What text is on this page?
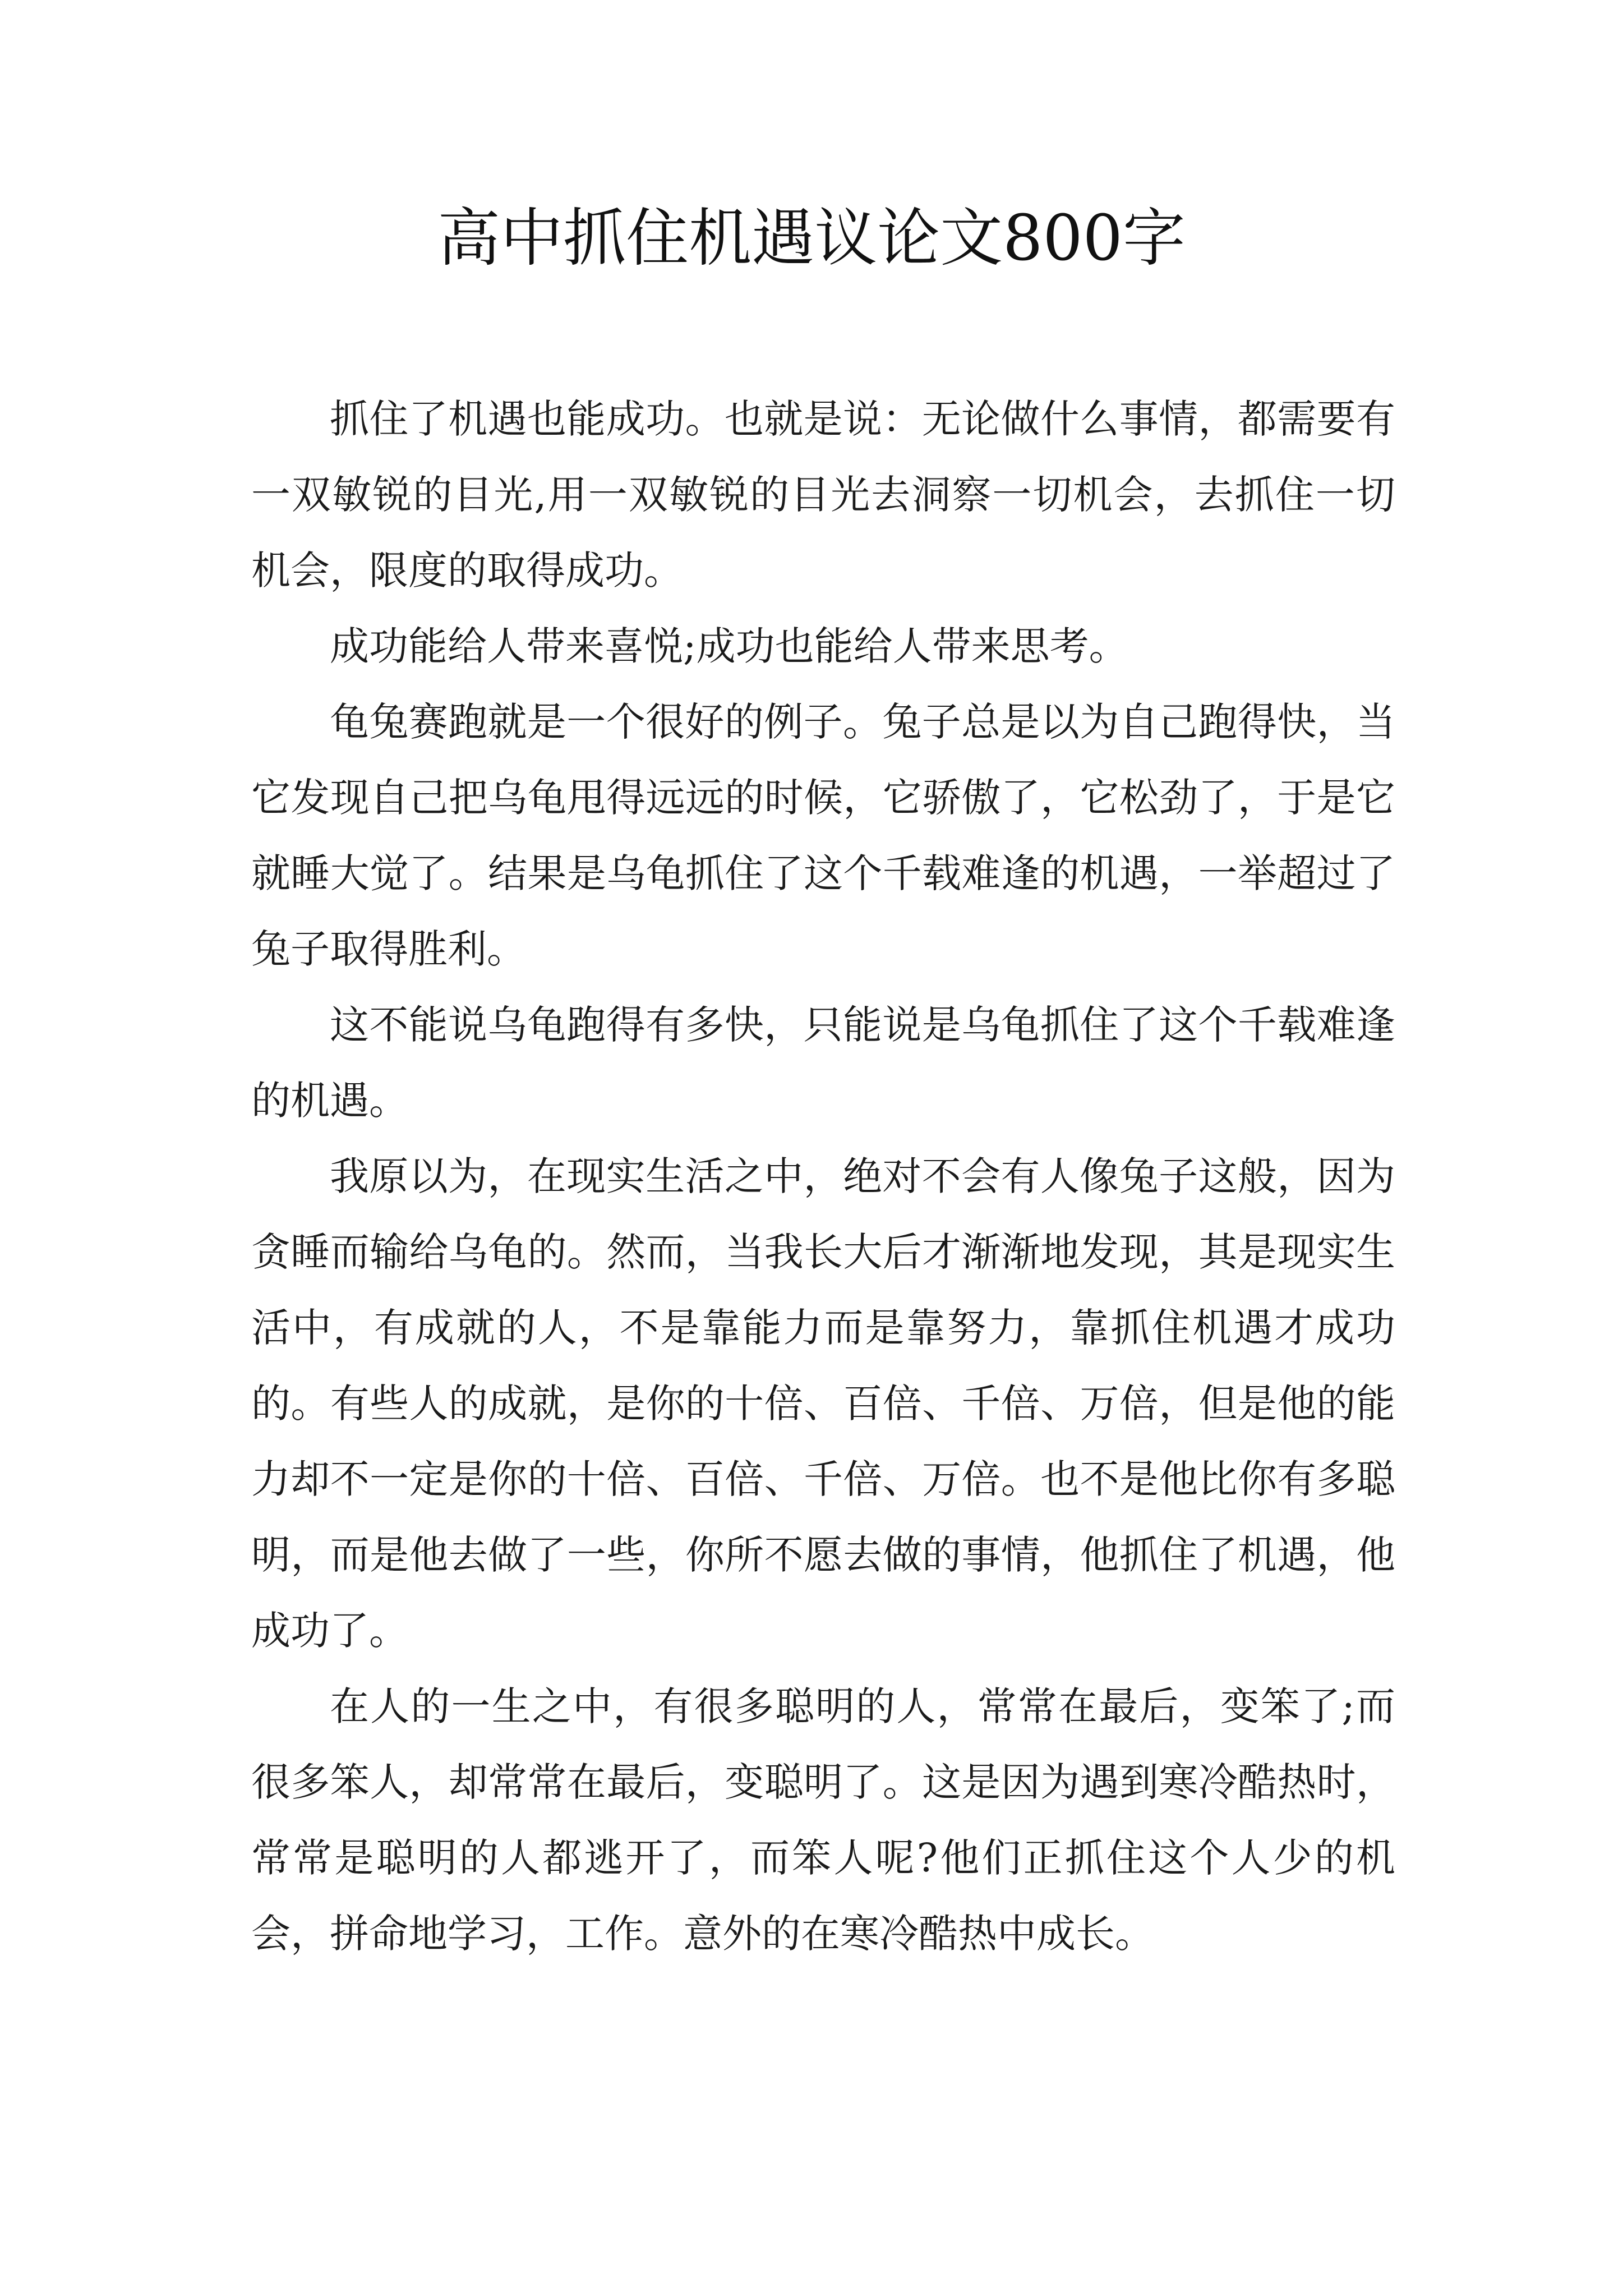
高中抓住机遇议论文800字

抓住了机遇也能成功。也就是说：无论做什么事情，都需要有一双敏锐的目光,用一双敏锐的目光去洞察一切机会，去抓住一切机会，限度的取得成功。

成功能给人带来喜悦;成功也能给人带来思考。

龟兔赛跑就是一个很好的例子。兔子总是以为自己跑得快，当它发现自己把乌龟甩得远远的时候，它骄傲了，它松劲了，于是它就睡大觉了。结果是乌龟抓住了这个千载难逢的机遇，一举超过了兔子取得胜利。

这不能说乌龟跑得有多快，只能说是乌龟抓住了这个千载难逢的机遇。

我原以为，在现实生活之中，绝对不会有人像兔子这般，因为贪睡而输给乌龟的。然而，当我长大后才渐渐地发现，其是现实生活中，有成就的人，不是靠能力而是靠努力，靠抓住机遇才成功的。有些人的成就，是你的十倍、百倍、千倍、万倍，但是他的能力却不一定是你的十倍、百倍、千倍、万倍。也不是他比你有多聪明，而是他去做了一些，你所不愿去做的事情，他抓住了机遇，他成功了。

在人的一生之中，有很多聪明的人，常常在最后，变笨了;而很多笨人，却常常在最后，变聪明了。这是因为遇到寒冷酷热时，常常是聪明的人都逃开了，而笨人呢?他们正抓住这个人少的机会，拼命地学习，工作。意外的在寒冷酷热中成长。
